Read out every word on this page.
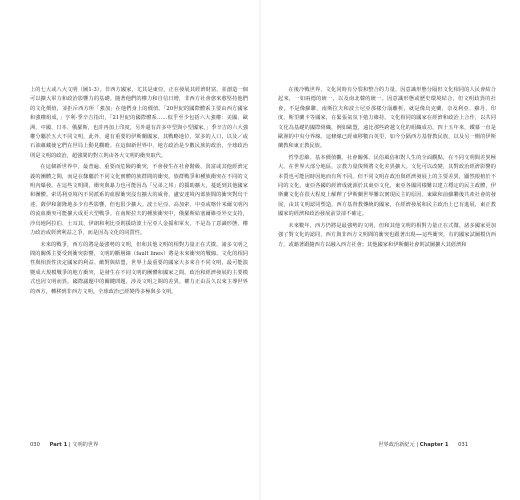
上的七大或八大文明（圖1-3）。非西方國家，尤其是東亞，正在發展其經濟財富，並創造一個可以擴大軍力和政治影響力的基礎。隨著他們的權力和自信日增，非西方社會愈來愈堅持他們的文化價值，並拒斥西方所「強加」在他們身上的價值。「20世紀的國際體系主要由西方國家和強權組成，」亨利·季辛吉指出，「21世紀的國際體系……似乎至少包括六大強權：美國、歐洲、中國、日本、俄羅斯，也許再加上印度，另外還有許多中型與小型國家。」季辛吉的六大強權分屬於五大不同文明，此外，還有重要的伊斯蘭國家，其戰略地位、眾多的人口，以及／或石油蘊藏使它們在世局上動見觀瞻。在這個新世界中，地方政治是少數民族的政治，全球政治則是文明的政治，超強間的對立則由各大文明的衝突取代。

在這個新世界中，最普遍、重要而危險的衝突，不會發生在社會階級、貧富或其他經濟定義的團體之間，而是在隸屬於不同文化實體的族群間的衝突。族群戰爭和種族衝突在不同的文明內爆發。在這些文明間，衝突與暴力也可能因為「兄弟之邦」的援助擴大，蔓延到其他國家和團體。索馬利亞境內不同派系的血腥衝突沒有擴大的威脅，盧安達境內部族間的衝突對烏干達、薩伊和蒲隆地多少有些影響，但也很少擴大。波士尼亞、高加索、中亞或喀什米爾文明內的流血衝突可能擴大成更大型戰爭。在南斯拉夫的種族衝突中，俄羅斯給塞爾維亞外交支持，沙烏地阿拉伯、土耳其、伊朗和利比亞則援助波士尼亞人金援和軍火，不是為了意識形態、權力政治或經濟利益之爭，而是因為文化的同質性。

未來的戰爭，西方的將是最強勢的文明，但和其他文明的相對力量正在式微。諸多文明之間的關係主要受到衝突影響，文明的斷層線（fault lines）將是未來衝突的戰線。文化的相同性與相異性決定國家的利益、敵對與結盟。世界上最重要的國家大多來自不同文明，最可能演變成大規模戰爭的地方衝突，是發生在不同文明的團體和國家之間。政治和經濟發展的主要模式也因文明而異。國際議題中的關鍵問題，涉及文明之間的差異。權力正由長久以來主導世界的西方，轉移到非西方文明。全球政治已經變得多極與多文明。

在後冷戰世界，文化同時有分裂和整合的力量。因意識形態分隔但文化相同的人民會結合起來，一如兩德的統一，以及南北韓的統一。因意識形態或歷史環境結合，但文明歧異的社會，不是像蘇聯、南斯拉夫和波士尼亞那樣分崩離析，就是像烏克蘭、奈及利亞、蘇丹、印度、斯里蘭卡等國家，在緊張氣氛下勉力維持。文化相同的國家在經濟和政治上合作，以共同文化為基礎的國際組織，例如歐盟，遠比那些跨越文化的組織成功。四十五年來，鐵幕一直是歐洲的中央分界線。這條線已經東移數百英里，如今分隔西方基督教民族，以及另一側的伊斯蘭教和東正教民族。

哲學思維、基本價值觀、社會關係、民俗風俗和對人生的全面觀點，在不同文明間差異極大。在世界大部分地區，宗教力量復興將文化差異擴大。文化可以改變，其對政治經濟影響的本質也可能因時因地而有所不同。但不同文明在政治與經濟發展上的主要差異，顯然根植於不同的文化。東亞各國的經濟成就源於其東亞文化，東亞各國同樣難以建立穩定的民主政體，伊斯蘭文化在很大程度上解釋了伊斯蘭世界難以實現民主的原因。東歐和前蘇聯後共產社會的發展，由其文明認同塑造。西方基督教傳統的國家，在經濟發展和民主政治上已有進展，東正教國家的經濟和政治發展前景卻不確定。

未來數年，西方仍將是最強勢的文明，但和其他文明的相對力量正在式微。諸多國家更加強了對文化的認同，西方與非西方文明間的衝突也跟著出現──這些衝突，有的國家試圖模仿西方，或藉著跟隨西方以融入西方社會；其他國家和伊斯蘭社會則試圖擴大其經濟和

030 Part 1 | 文明的世界	世界政治新紀元 | Chapter 1 031
